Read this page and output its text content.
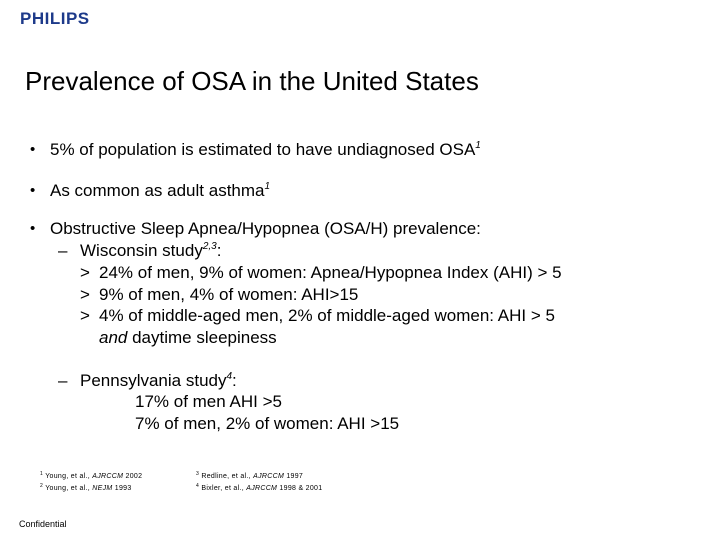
PHILIPS
Prevalence of OSA in the United States
• 5% of population is estimated to have undiagnosed OSA$^1$
• As common as adult asthma$^1$
• Obstructive Sleep Apnea/Hypopnea (OSA/H) prevalence:
– Wisconsin study$^{2,3}$:
> 24% of men, 9% of women: Apnea/Hypopnea Index (AHI) > 5
> 9% of men, 4% of women: AHI>15
> 4% of middle-aged men, 2% of middle-aged women: AHI > 5
and daytime sleepiness
– Pennsylvania study$^4$:
17% of men AHI >5
7% of men, 2% of women: AHI >15
$^1$ Young, et al., AJRCCM 2002
$^2$ Young, et al., NEJM 1993
$^3$ Redline, et al., AJRCCM 1997
$^4$ Bixler, et al., AJRCCM 1998 & 2001
Confidential
